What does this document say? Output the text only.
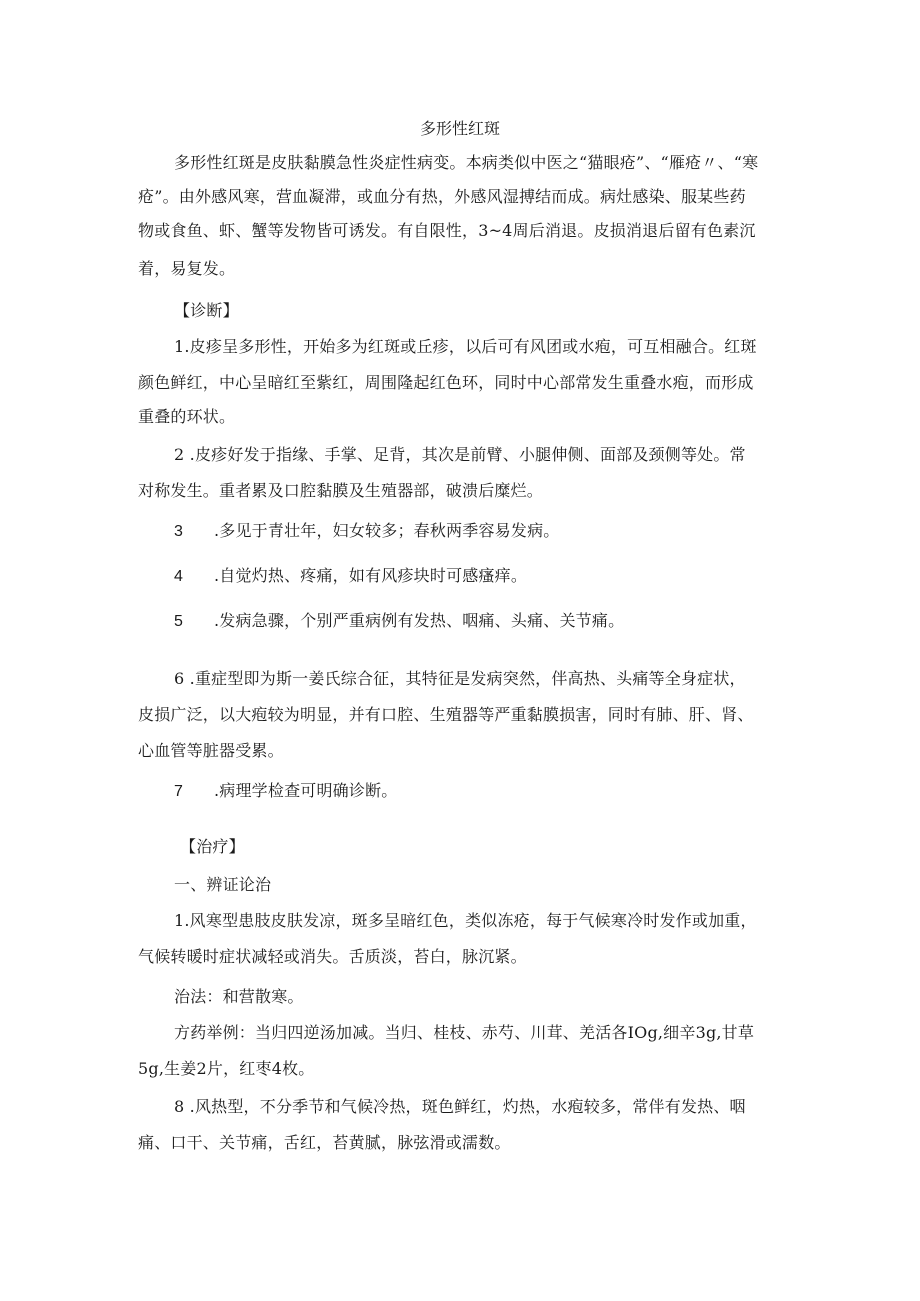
多形性红斑
多形性红斑是皮肤黏膜急性炎症性病变。本病类似中医之“猫眼疮”、“雁疮〃、“寒
疮”。由外感风寒，营血凝滞，或血分有热，外感风湿搏结而成。病灶感染、服某些药
物或食鱼、虾、蟹等发物皆可诱发。有自限性，3~4周后消退。皮损消退后留有色素沉
着，易复发。
【诊断】
1.皮疹呈多形性，开始多为红斑或丘疹，以后可有风团或水疱，可互相融合。红斑
颜色鲜红，中心呈暗红至紫红，周围隆起红色环，同时中心部常发生重叠水疱，而形成
重叠的环状。
2 .皮疹好发于指缘、手掌、足背，其次是前臂、小腿伸侧、面部及颈侧等处。常
对称发生。重者累及口腔黏膜及生殖器部，破溃后糜烂。
3 .多见于青壮年，妇女较多；春秋两季容易发病。
4 .自觉灼热、疼痛，如有风疹块时可感瘙痒。
5 .发病急骤，个别严重病例有发热、咽痛、头痛、关节痛。
6 .重症型即为斯一姜氏综合征，其特征是发病突然，伴高热、头痛等全身症状，
皮损广泛，以大疱较为明显，并有口腔、生殖器等严重黏膜损害，同时有肺、肝、肾、
心血管等脏器受累。
7 .病理学检查可明确诊断。
【治疗】
一、辨证论治
1.风寒型患肢皮肤发凉，斑多呈暗红色，类似冻疮，每于气候寒冷时发作或加重，
气候转暖时症状减轻或消失。舌质淡，苔白，脉沉紧。
治法：和营散寒。
方药举例：当归四逆汤加减。当归、桂枝、赤芍、川茸、羌活各IOg,细辛3g,甘草
5g,生姜2片，红枣4枚。
8 .风热型，不分季节和气候冷热，斑色鲜红，灼热，水疱较多，常伴有发热、咽
痛、口干、关节痛，舌红，苔黄腻，脉弦滑或濡数。
